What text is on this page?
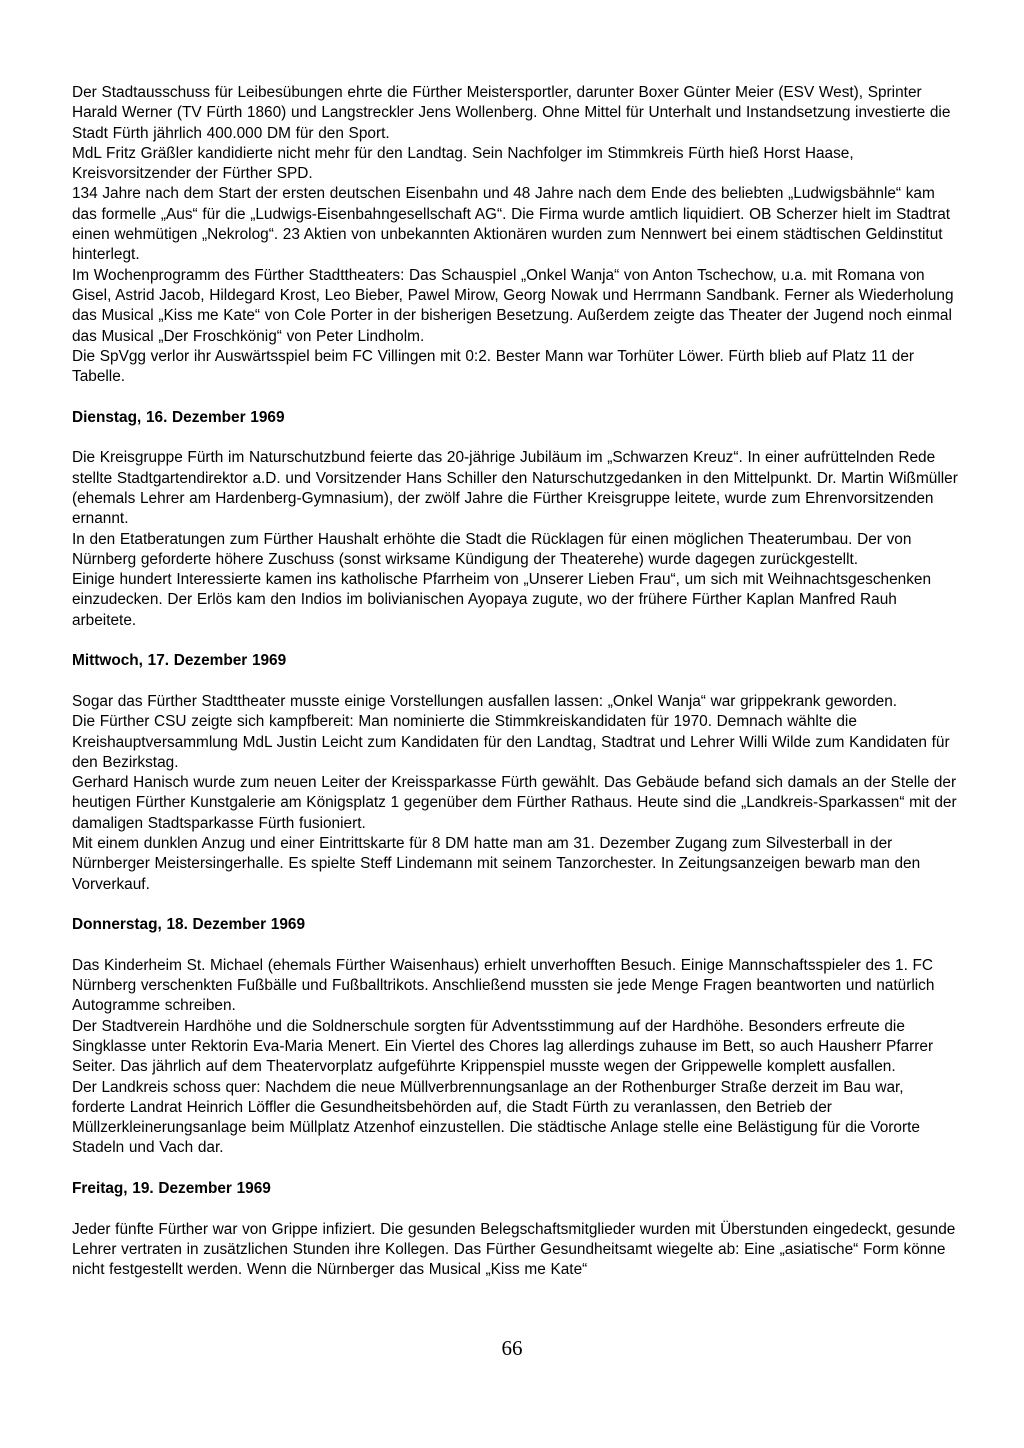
Der Stadtausschuss für Leibesübungen ehrte die Fürther Meistersportler, darunter Boxer Günter Meier (ESV West), Sprinter Harald Werner (TV Fürth 1860) und Langstreckler Jens Wollenberg. Ohne Mittel für Unterhalt und Instandsetzung investierte die Stadt Fürth jährlich 400.000 DM für den Sport.
MdL Fritz Gräßler kandidierte nicht mehr für den Landtag. Sein Nachfolger im Stimmkreis Fürth hieß Horst Haase, Kreisvorsitzender der Fürther SPD.
134 Jahre nach dem Start der ersten deutschen Eisenbahn und 48 Jahre nach dem Ende des beliebten „Ludwigsbähnle“ kam das formelle „Aus“ für die „Ludwigs-Eisenbahngesellschaft AG“. Die Firma wurde amtlich liquidiert. OB Scherzer hielt im Stadtrat einen wehmütigen „Nekrolog“. 23 Aktien von unbekannten Aktionären wurden zum Nennwert bei einem städtischen Geldinstitut hinterlegt.
Im Wochenprogramm des Fürther Stadttheaters: Das Schauspiel „Onkel Wanja“ von Anton Tschechow, u.a. mit Romana von Gisel, Astrid Jacob, Hildegard Krost, Leo Bieber, Pawel Mirow, Georg Nowak und Herrmann Sandbank. Ferner als Wiederholung das Musical „Kiss me Kate“ von Cole Porter in der bisherigen Besetzung. Außerdem zeigte das Theater der Jugend noch einmal das Musical „Der Froschkönig“ von Peter Lindholm.
Die SpVgg verlor ihr Auswärtsspiel beim FC Villingen mit 0:2. Bester Mann war Torhüter Löwer. Fürth blieb auf Platz 11 der Tabelle.
Dienstag, 16. Dezember 1969
Die Kreisgruppe Fürth im Naturschutzbund feierte das 20-jährige Jubiläum im „Schwarzen Kreuz“. In einer aufrüttelnden Rede stellte Stadtgartendirektor a.D. und Vorsitzender Hans Schiller den Naturschutzgedanken in den Mittelpunkt. Dr. Martin Wißmüller (ehemals Lehrer am Hardenberg-Gymnasium), der zwölf Jahre die Fürther Kreisgruppe leitete, wurde zum Ehrenvorsitzenden ernannt.
In den Etatberatungen zum Fürther Haushalt erhöhte die Stadt die Rücklagen für einen möglichen Theaterumbau. Der von Nürnberg geforderte höhere Zuschuss (sonst wirksame Kündigung der Theaterehe) wurde dagegen zurückgestellt.
Einige hundert Interessierte kamen ins katholische Pfarrheim von „Unserer Lieben Frau“, um sich mit Weihnachtsgeschenken einzudecken. Der Erlös kam den Indios im bolivianischen Ayopaya zugute, wo der frühere Fürther Kaplan Manfred Rauh arbeitete.
Mittwoch, 17. Dezember 1969
Sogar das Fürther Stadttheater musste einige Vorstellungen ausfallen lassen: „Onkel Wanja“ war grippekrank geworden.
Die Fürther CSU zeigte sich kampfbereit: Man nominierte die Stimmkreiskandidaten für 1970. Demnach wählte die Kreishauptversammlung MdL Justin Leicht zum Kandidaten für den Landtag, Stadtrat und Lehrer Willi Wilde zum Kandidaten für den Bezirkstag.
Gerhard Hanisch wurde zum neuen Leiter der Kreissparkasse Fürth gewählt. Das Gebäude befand sich damals an der Stelle der heutigen Fürther Kunstgalerie am Königsplatz 1 gegenüber dem Fürther Rathaus. Heute sind die „Landkreis-Sparkassen“ mit der damaligen Stadtsparkasse Fürth fusioniert.
Mit einem dunklen Anzug und einer Eintrittskarte für 8 DM hatte man am 31. Dezember Zugang zum Silvesterball in der Nürnberger Meistersingerhalle. Es spielte Steff Lindemann mit seinem Tanzorchester. In Zeitungsanzeigen bewarb man den Vorverkauf.
Donnerstag, 18. Dezember 1969
Das Kinderheim St. Michael (ehemals Fürther Waisenhaus) erhielt unverhofften Besuch. Einige Mannschaftsspieler des 1. FC Nürnberg verschenkten Fußbälle und Fußballtrikots. Anschließend mussten sie jede Menge Fragen beantworten und natürlich Autogramme schreiben.
Der Stadtverein Hardhöhe und die Soldnerschule sorgten für Adventsstimmung auf der Hardhöhe. Besonders erfreute die Singklasse unter Rektorin Eva-Maria Menert. Ein Viertel des Chores lag allerdings zuhause im Bett, so auch Hausherr Pfarrer Seiter. Das jährlich auf dem Theatervorplatz aufgeführte Krippenspiel musste wegen der Grippewelle komplett ausfallen.
Der Landkreis schoss quer: Nachdem die neue Müllverbrennungsanlage an der Rothenburger Straße derzeit im Bau war, forderte Landrat Heinrich Löffler die Gesundheitsbehörden auf, die Stadt Fürth zu veranlassen, den Betrieb der Müllzerkleinerungsanlage beim Müllplatz Atzenhof einzustellen. Die städtische Anlage stelle eine Belästigung für die Vororte Stadeln und Vach dar.
Freitag, 19. Dezember 1969
Jeder fünfte Fürther war von Grippe infiziert. Die gesunden Belegschaftsmitglieder wurden mit Überstunden eingedeckt, gesunde Lehrer vertraten in zusätzlichen Stunden ihre Kollegen. Das Fürther Gesundheitsamt wiegelte ab: Eine „asiatische“ Form könne nicht festgestellt werden. Wenn die Nürnberger das Musical „Kiss me Kate“
66
